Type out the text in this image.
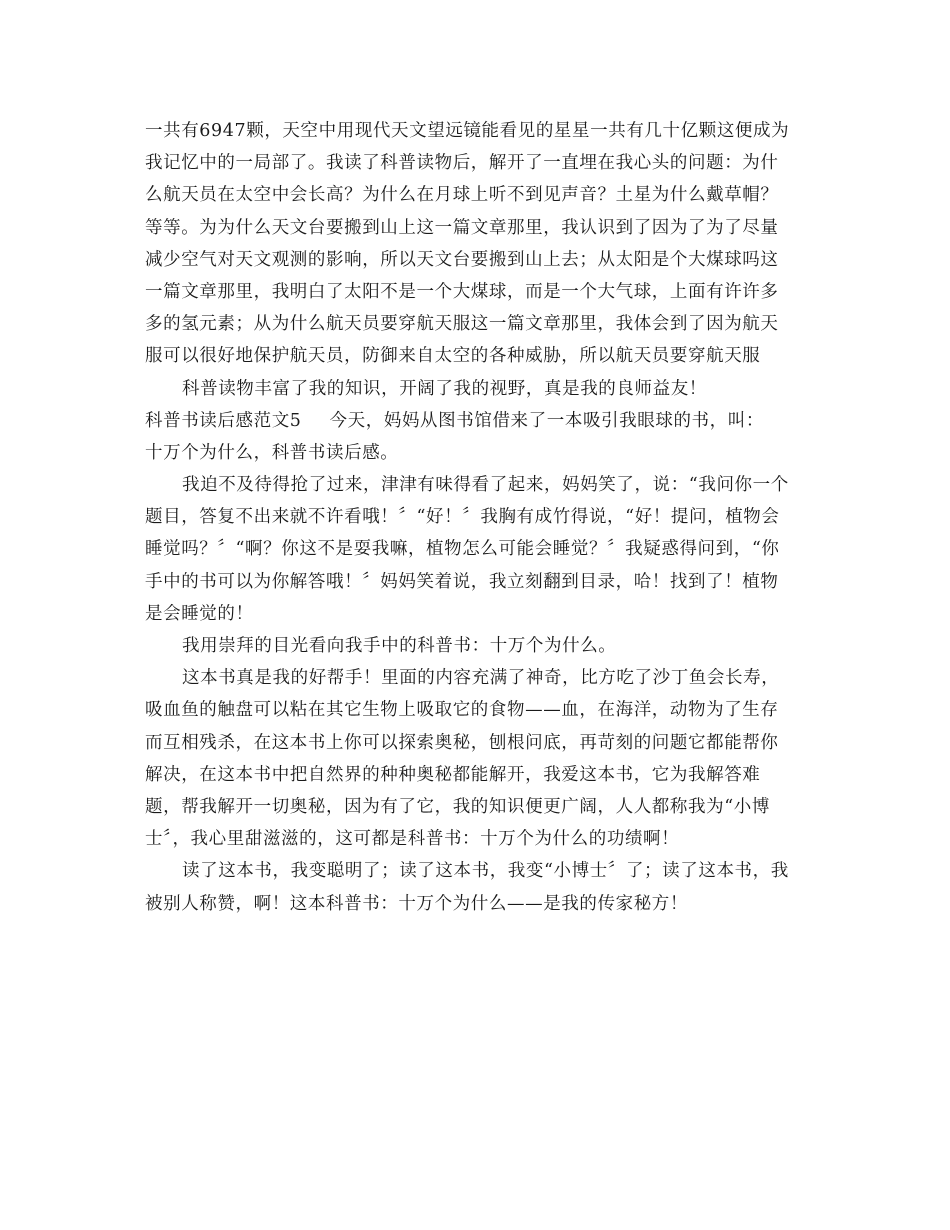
一共有6947颗，天空中用现代天文望远镜能看见的星星一共有几十亿颗这便成为
我记忆中的一局部了。我读了科普读物后，解开了一直埋在我心头的问题：为什
么航天员在太空中会长高？为什么在月球上听不到见声音？土星为什么戴草帽？
等等。为为什么天文台要搬到山上这一篇文章那里，我认识到了因为了为了尽量
减少空气对天文观测的影响，所以天文台要搬到山上去；从太阳是个大煤球吗这
一篇文章那里，我明白了太阳不是一个大煤球，而是一个大气球，上面有许许多
多的氢元素；从为什么航天员要穿航天服这一篇文章那里，我体会到了因为航天
服可以很好地保护航天员，防御来自太空的各种威胁，所以航天员要穿航天服
科普读物丰富了我的知识，开阔了我的视野，真是我的良师益友！
科普书读后感范文5 今天，妈妈从图书馆借来了一本吸引我眼球的书，叫：
十万个为什么，科普书读后感。
我迫不及待得抢了过来，津津有味得看了起来，妈妈笑了，说：“我问你一个
题目，答复不出来就不许看哦！〞“好！〞我胸有成竹得说，“好！提问，植物会
睡觉吗？〞“啊？你这不是耍我嘛，植物怎么可能会睡觉？〞我疑惑得问到，“你
手中的书可以为你解答哦！〞妈妈笑着说，我立刻翻到目录，哈！找到了！植物
是会睡觉的！
我用崇拜的目光看向我手中的科普书：十万个为什么。
这本书真是我的好帮手！里面的内容充满了神奇，比方吃了沙丁鱼会长寿，
吸血鱼的触盘可以粘在其它生物上吸取它的食物——血，在海洋，动物为了生存
而互相残杀，在这本书上你可以探索奥秘，刨根问底，再苛刻的问题它都能帮你
解决，在这本书中把自然界的种种奥秘都能解开，我爱这本书，它为我解答难
题，帮我解开一切奥秘，因为有了它，我的知识便更广阔，人人都称我为“小博
士〞，我心里甜滋滋的，这可都是科普书：十万个为什么的功绩啊！
读了这本书，我变聪明了；读了这本书，我变“小博士〞了；读了这本书，我
被别人称赞，啊！这本科普书：十万个为什么——是我的传家秘方！
